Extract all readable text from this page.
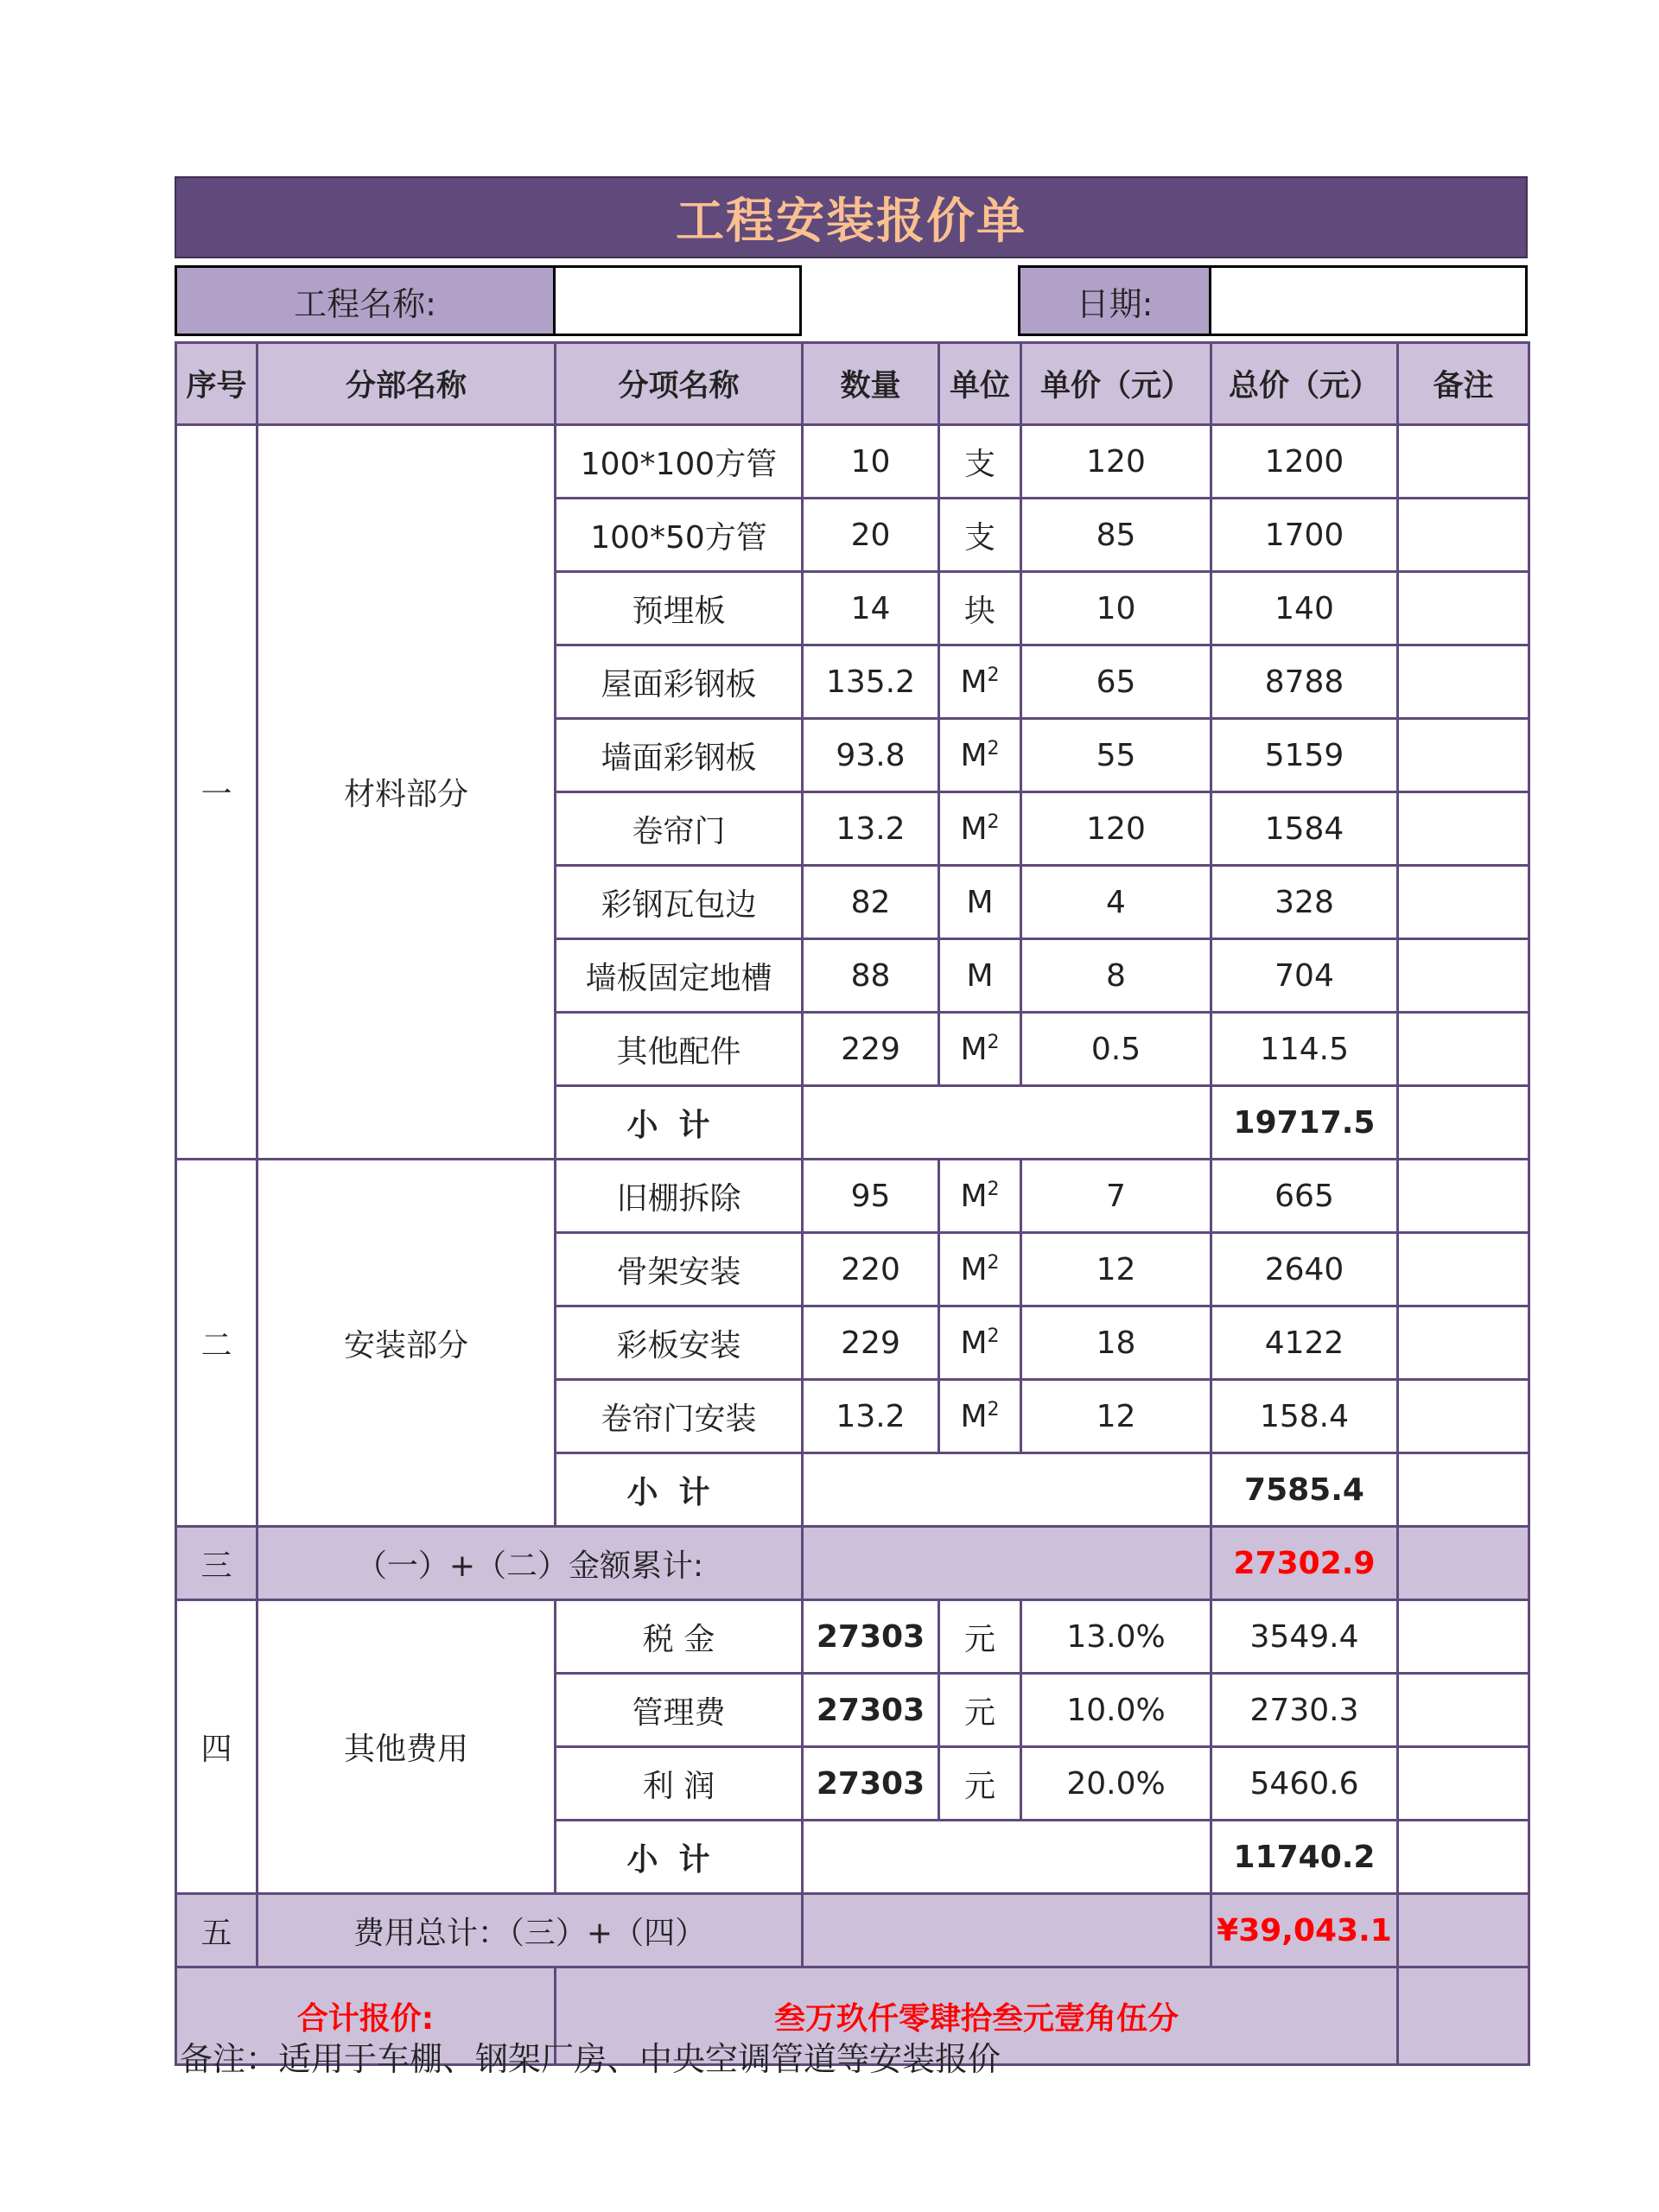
工程安装报价单
工程名称:	日期:
序号	分部名称	分项名称	数量	单位	单价（元）	总价（元）	备注
一	材料部分	100*100方管	10	支	120	1200	
		100*50方管	20	支	85	1700	
		预埋板	14	块	10	140	
		屋面彩钢板	135.2	$M^2$	65	8788	
		墙面彩钢板	93.8	$M^2$	55	5159	
		卷帘门	13.2	$M^2$	120	1584	
		彩钢瓦包边	82	M	4	328	
		墙板固定地槽	88	M	8	704	
		其他配件	229	$M^2$	0.5	114.5	
		小计				19717.5	
二	安装部分	旧棚拆除	95	$M^2$	7	665	
		骨架安装	220	$M^2$	12	2640	
		彩板安装	229	$M^2$	18	4122	
		卷帘门安装	13.2	$M^2$	12	158.4	
		小计				7585.4	
三	（一）+（二）金额累计:					27302.9	
四	其他费用	税 金	27303	元	13.0%	3549.4	
		管理费	27303	元	10.0%	2730.3	
		利 润	27303	元	20.0%	5460.6	
		小计				11740.2	
五	费用总计：（三）+（四）					¥39,043.1	
合计报价:		叁万玖仟零肆拾叁元壹角伍分					
备注：适用于车棚、钢架厂房、中央空调管道等安装报价
